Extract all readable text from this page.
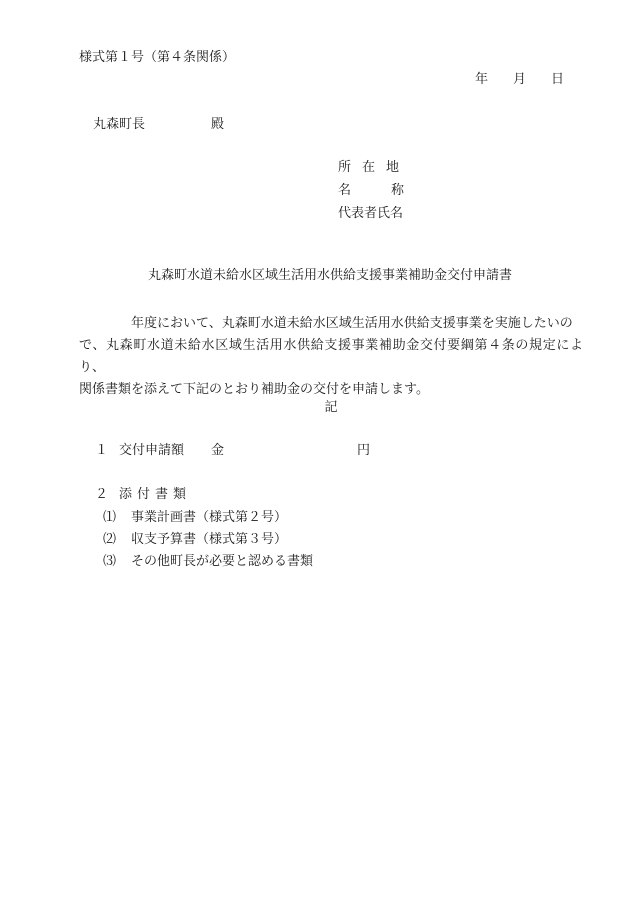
様式第１号（第４条関係）
年 月 日
丸森町長	殿
所在地
名称
代表者氏名
丸森町水道未給水区域生活用水供給支援事業補助金交付申請書

年度において、丸森町水道未給水区域生活用水供給支援事業を実施したいの

で、丸森町水道未給水区域生活用水供給支援事業補助金交付要綱第４条の規定により、

関係書類を添えて下記のとおり補助金の交付を申請します。

記
１ 交付申請額 金	円
２ 添付書類
⑴ 事業計画書（様式第２号）
⑵ 収支予算書（様式第３号）
⑶ その他町長が必要と認める書類
